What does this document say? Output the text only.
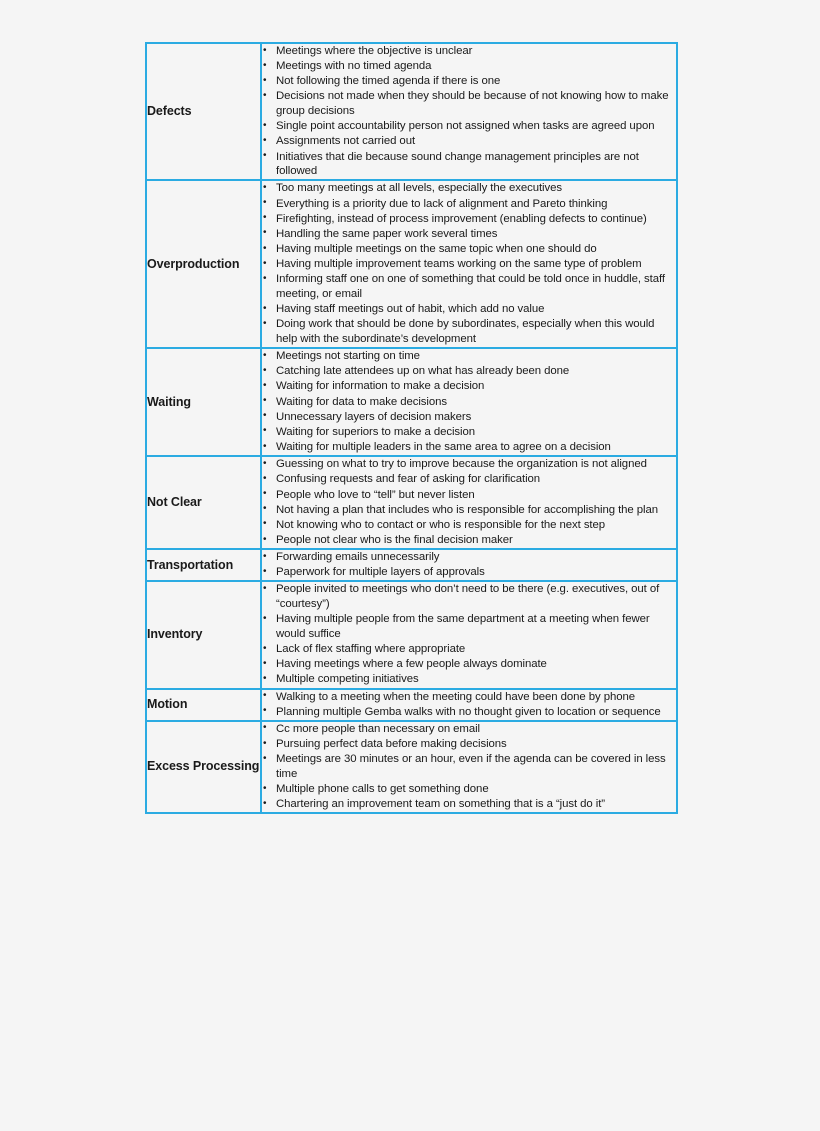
Defects	
• Meetings where the objective is unclear
• Meetings with no timed agenda
• Not following the timed agenda if there is one
• Decisions not made when they should be because of not knowing how to make group decisions
• Single point accountability person not assigned when tasks are agreed upon
• Assignments not carried out
• Initiatives that die because sound change management principles are not followed

Overproduction	
• Too many meetings at all levels, especially the executives
• Everything is a priority due to lack of alignment and Pareto thinking
• Firefighting, instead of process improvement (enabling defects to continue)
• Handling the same paper work several times
• Having multiple meetings on the same topic when one should do
• Having multiple improvement teams working on the same type of problem
• Informing staff one on one of something that could be told once in huddle, staff meeting, or email
• Having staff meetings out of habit, which add no value
• Doing work that should be done by subordinates, especially when this would help with the subordinate’s development

Waiting	
• Meetings not starting on time
• Catching late attendees up on what has already been done
• Waiting for information to make a decision
• Waiting for data to make decisions
• Unnecessary layers of decision makers
• Waiting for superiors to make a decision
• Waiting for multiple leaders in the same area to agree on a decision

Not Clear	
• Guessing on what to try to improve because the organization is not aligned
• Confusing requests and fear of asking for clarification
• People who love to “tell” but never listen
• Not having a plan that includes who is responsible for accomplishing the plan
• Not knowing who to contact or who is responsible for the next step
• People not clear who is the final decision maker

Transportation	
• Forwarding emails unnecessarily
• Paperwork for multiple layers of approvals

Inventory	
• People invited to meetings who don’t need to be there (e.g. executives, out of “courtesy”)
• Having multiple people from the same department at a meeting when fewer would suffice
• Lack of flex staffing where appropriate
• Having meetings where a few people always dominate
• Multiple competing initiatives

Motion	
• Walking to a meeting when the meeting could have been done by phone
• Planning multiple Gemba walks with no thought given to location or sequence

Excess Processing	
• Cc more people than necessary on email
• Pursuing perfect data before making decisions
• Meetings are 30 minutes or an hour, even if the agenda can be covered in less time
• Multiple phone calls to get something done
• Chartering an improvement team on something that is a “just do it”
